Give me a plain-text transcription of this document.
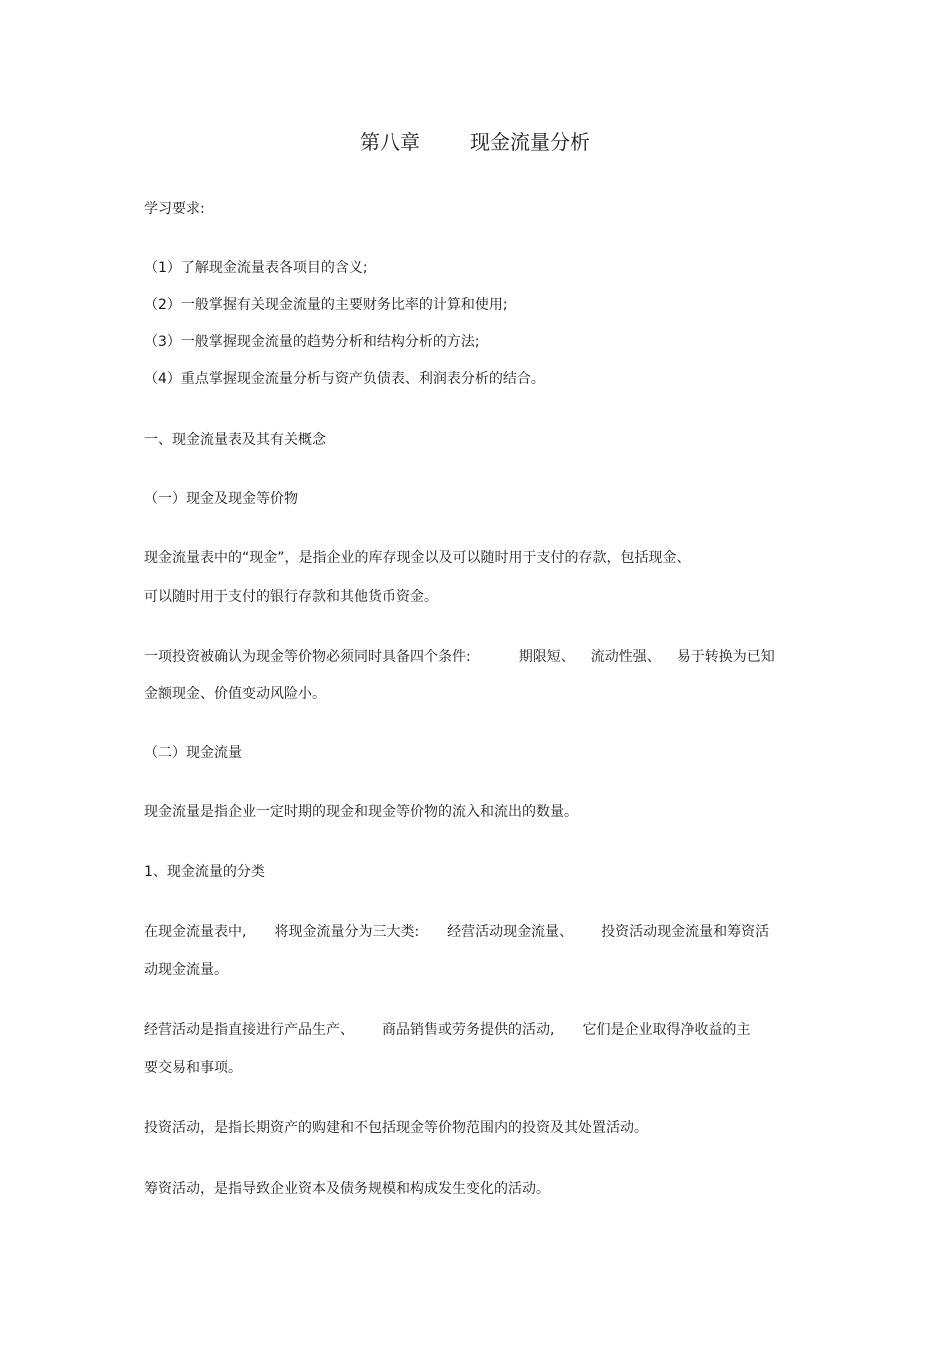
第八章	现金流量分析
学习要求:
（1）了解现金流量表各项目的含义;
（2）一般掌握有关现金流量的主要财务比率的计算和使用;
（3）一般掌握现金流量的趋势分析和结构分析的方法;
（4）重点掌握现金流量分析与资产负债表、利润表分析的结合。
一、现金流量表及其有关概念
（一）现金及现金等价物
现金流量表中的“现金”，是指企业的库存现金以及可以随时用于支付的存款，包括现金、
可以随时用于支付的银行存款和其他货币资金。
一项投资被确认为现金等价物必须同时具备四个条件:	期限短、 流动性强、 易于转换为已知
金额现金、价值变动风险小。
（二）现金流量
现金流量是指企业一定时期的现金和现金等价物的流入和流出的数量。
1、现金流量的分类
在现金流量表中, 将现金流量分为三大类: 经营活动现金流量、 投资活动现金流量和筹资活
动现金流量。
经营活动是指直接进行产品生产、 商品销售或劳务提供的活动, 它们是企业取得净收益的主
要交易和事项。
投资活动，是指长期资产的购建和不包括现金等价物范围内的投资及其处置活动。
筹资活动，是指导致企业资本及债务规模和构成发生变化的活动。
